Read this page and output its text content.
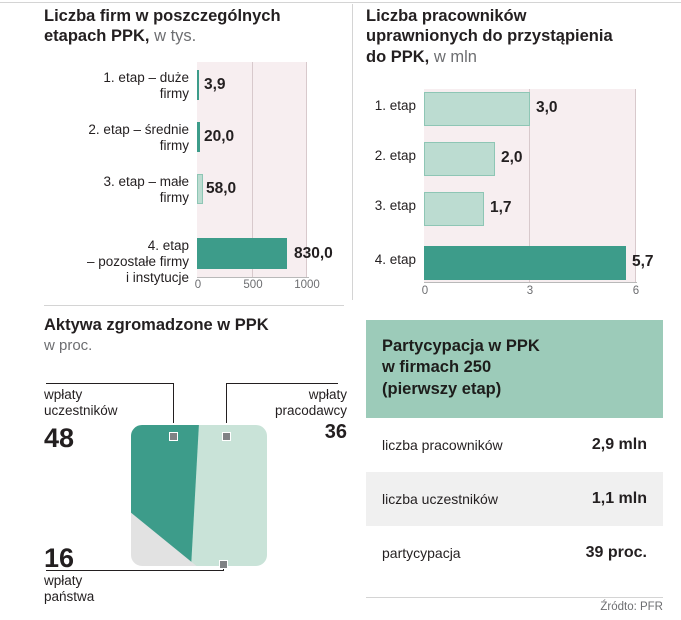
Liczba firm w poszczególnych
etapach PPK, w tys.
1. etap – duże
firmy
3,9
2. etap – średnie
firmy
20,0
3. etap – małe
firmy
58,0
4. etap
– pozostałe firmy
i instytucje
830,0
0	500	1000
Liczba pracowników
uprawnionych do przystąpienia
do PPK, w mln
1. etap	3,0
2. etap	2,0
3. etap	1,7
4. etap	5,7
0	3	6
Aktywa zgromadzone w PPK
w proc.
wpłaty
uczestników
48
wpłaty
pracodawcy
36
16
wpłaty
państwa
Partycypacja w PPK
w firmach 250
(pierwszy etap)
liczba pracowników	2,9 mln
liczba uczestników	1,1 mln
partycypacja	39 proc.
Źródto: PFR
